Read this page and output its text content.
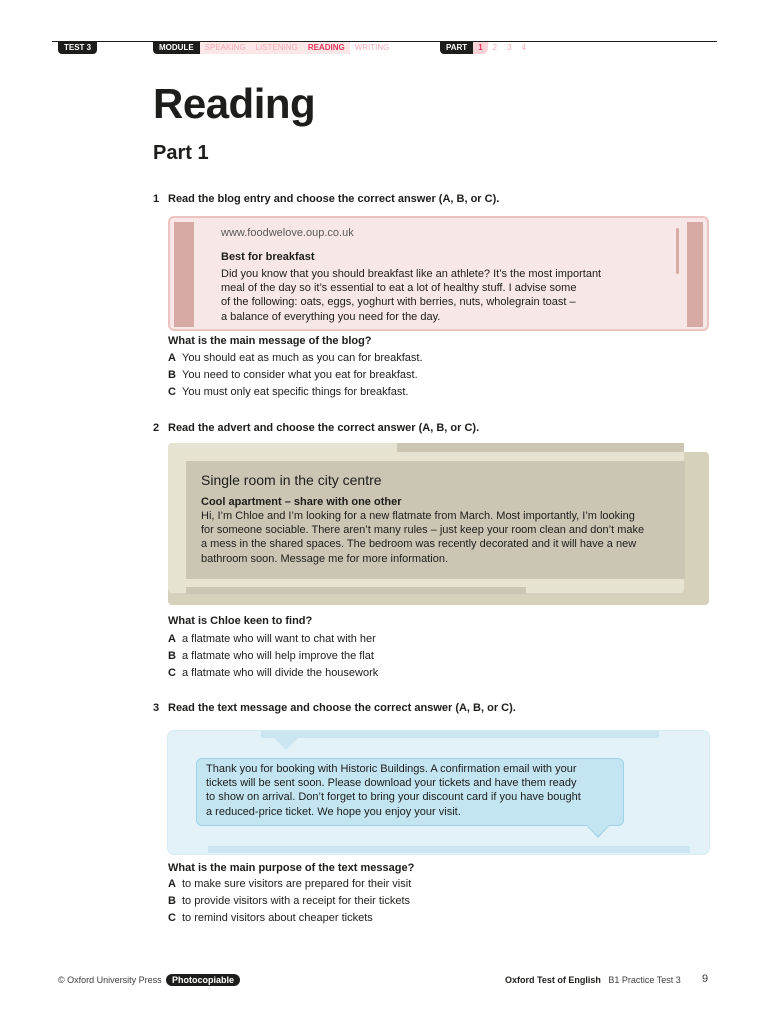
TEST 3	MODULE	SPEAKING	LISTENING	READING	WRITING	PART	1	2	3	4
Reading
Part 1
1 Read the blog entry and choose the correct answer (A, B, or C).
www.foodwelove.oup.co.uk
Best for breakfast
Did you know that you should breakfast like an athlete? It’s the most important
meal of the day so it’s essential to eat a lot of healthy stuff. I advise some
of the following: oats, eggs, yoghurt with berries, nuts, wholegrain toast –
a balance of everything you need for the day.
What is the main message of the blog?
A You should eat as much as you can for breakfast.
B You need to consider what you eat for breakfast.
C You must only eat specific things for breakfast.
2 Read the advert and choose the correct answer (A, B, or C).
Single room in the city centre
Cool apartment – share with one other
Hi, I’m Chloe and I’m looking for a new flatmate from March. Most importantly, I’m looking
for someone sociable. There aren’t many rules – just keep your room clean and don’t make
a mess in the shared spaces. The bedroom was recently decorated and it will have a new
bathroom soon. Message me for more information.
What is Chloe keen to find?
A a flatmate who will want to chat with her
B a flatmate who will help improve the flat
C a flatmate who will divide the housework
3 Read the text message and choose the correct answer (A, B, or C).
Thank you for booking with Historic Buildings. A confirmation email with your
tickets will be sent soon. Please download your tickets and have them ready
to show on arrival. Don’t forget to bring your discount card if you have bought
a reduced-price ticket. We hope you enjoy your visit.
What is the main purpose of the text message?
A to make sure visitors are prepared for their visit
B to provide visitors with a receipt for their tickets
C to remind visitors about cheaper tickets
© Oxford University Press	Photocopiable	Oxford Test of English B1 Practice Test 3 9
